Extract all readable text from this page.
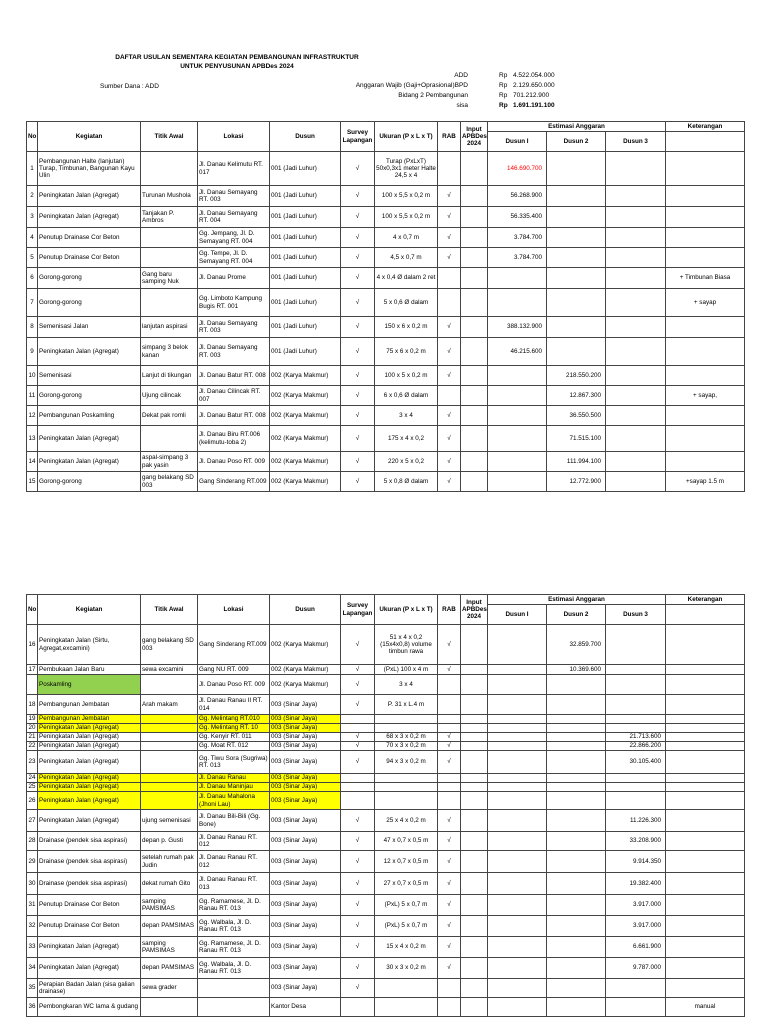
DAFTAR USULAN SEMENTARA KEGIATAN PEMBANGUNAN INFRASTRUKTUR
UNTUK PENYUSUNAN APBDes 2024
Sumber Dana : ADD
ADD	Rp 4.522.054.000
Anggaran Wajib (Gaji+Oprasional)BPD	Rp 2.129.650.000
Bidang 2 Pembangunan	Rp 701.212.900
sisa	Rp 1.691.191.100
No	Kegiatan	Titik Awal	Lokasi	Dusun	Survey Lapangan	Ukuran (P x L x T)	RAB	Input APBDes 2024	Estimasi Anggaran			Keterangan
									Dusun I	Dusun 2	Dusun 3	
1	Pembangunan Halte (lanjutan) Turap, Timbunan, Bangunan Kayu Ulin		Jl. Danau Kelimutu RT. 017	001 (Jadi Luhur)	√	Turap (PxLxT) 50x0,3x1 meter Halte 24,5 x 4			146.690.700			
2	Peningkatan Jalan (Agregat)	Turunan Mushola	Jl. Danau Semayang RT. 003	001 (Jadi Luhur)	√	100 x 5,5 x 0,2 m	√		56.268.900			
3	Peningkatan Jalan (Agregat)	Tanjakan P. Ambros	Jl. Danau Semayang RT. 004	001 (Jadi Luhur)	√	100 x 5,5 x 0,2 m	√		56.335.400			
4	Penutup Drainase Cor Beton		Gg. Jempang, Jl. D. Semayang RT. 004	001 (Jadi Luhur)	√	4 x 0,7 m	√		3.784.700			
5	Penutup Drainase Cor Beton		Gg. Tempe, Jl. D. Semayang RT. 004	001 (Jadi Luhur)	√	4,5 x 0,7 m	√		3.784.700			
6	Gorong-gorong	Gang baru samping Nuk	Jl. Danau Prome	001 (Jadi Luhur)	√	4 x 0,4 Ø dalam 2 ret						+ Timbunan Biasa
7	Gorong-gorong		Gg. Limboto Kampung Bugis RT. 001	001 (Jadi Luhur)	√	5 x 0,6 Ø dalam						+ sayap
8	Semenisasi Jalan	lanjutan aspirasi	Jl. Danau Semayang RT. 003	001 (Jadi Luhur)	√	150 x 6 x 0,2 m	√		388.132.900			
9	Peningkatan Jalan (Agregat)	simpang 3 belok kanan	Jl. Danau Semayang RT. 003	001 (Jadi Luhur)	√	75 x 6 x 0,2 m	√		46.215.600			
10	Semenisasi	Lanjut di tikungan	Jl. Danau Batur RT. 008	002 (Karya Makmur)	√	100 x 5 x 0,2 m	√			218.550.200		
11	Gorong-gorong	Ujung cilincak	Jl. Danau Cilincak RT. 007	002 (Karya Makmur)	√	6 x 0,6 Ø dalam				12.867.300		+ sayap,
12	Pembangunan Poskamling	Dekat pak romli	Jl. Danau Batur RT. 008	002 (Karya Makmur)	√	3 x 4	√			36.550.500		
13	Peningkatan Jalan (Agregat)		Jl. Danau Biru RT.006 (kelimutu-toba 2)	002 (Karya Makmur)	√	175 x 4 x 0,2	√			71.515.100		
14	Peningkatan Jalan (Agregat)	aspal-simpang 3 pak yasin	Jl. Danau Poso RT. 009	002 (Karya Makmur)	√	220 x 5 x 0,2	√			111.994.100		
15	Gorong-gorong	gang belakang SD 003	Gang Sinderang RT.009	002 (Karya Makmur)	√	5 x 0,8 Ø dalam	√			12.772.900		+sayap 1.5 m
No	Kegiatan	Titik Awal	Lokasi	Dusun	Survey Lapangan	Ukuran (P x L x T)	RAB	Input APBDes 2024	Estimasi Anggaran			Keterangan
									Dusun I	Dusun 2	Dusun 3	
16	Peningkatan Jalan (Sirtu, Agregat,excamini)	gang belakang SD 003	Gang Sinderang RT.009	002 (Karya Makmur)	√	51 x 4 x 0,2 (15x4x0,8) volume timbun rawa	√			32.859.700		
17	Pembukaan Jalan Baru	sewa excamini	Gang NU RT. 009	002 (Karya Makmur)	√	(PxL) 100 x 4 m	√			10.369.600		
	Poskamling		Jl. Danau Poso RT. 009	002 (Karya Makmur)	√	3 x 4						
18	Pembangunan Jembatan	Arah makam	Jl. Danau Ranau II RT. 014	003 (Sinar Jaya)	√	P. 31 x L.4 m						
19	Pembangunan Jembatan		Gg. Melintang RT.010	003 (Sinar Jaya)								
20	Peningkatan Jalan (Agregat)		Gg. Melintang RT. 10	003 (Sinar Jaya)								
21	Peningkatan Jalan (Agregat)		Gg. Kenyir RT. 011	003 (Sinar Jaya)	√	68 x 3 x 0,2 m	√				21.713.600	
22	Peningkatan Jalan (Agregat)		Gg. Moat RT. 012	003 (Sinar Jaya)	√	70 x 3 x 0,2 m	√				22.866.200	
23	Peningkatan Jalan (Agregat)		Gg. Tiwu Sora (Sugriwa) RT. 013	003 (Sinar Jaya)	√	94 x 3 x 0,2 m	√				30.105.400	
24	Peningkatan Jalan (Agregat)		Jl. Danau Ranau	003 (Sinar Jaya)								
25	Peningkatan Jalan (Agregat)		Jl. Danau Maninjau	003 (Sinar Jaya)								
26	Peningkatan Jalan (Agregat)		Jl. Danau Mahalona (Jhoni Lau)	003 (Sinar Jaya)								
27	Peningkatan Jalan (Agregat)	ujung semenisasi	Jl. Danau Bili-Bili (Gg. Bone)	003 (Sinar Jaya)	√	25 x 4 x 0,2 m	√				11.226.300	
28	Drainase (pendek sisa aspirasi)	depan p. Gusti	Jl. Danau Ranau RT. 012	003 (Sinar Jaya)	√	47 x 0,7 x 0,5 m	√				33.208.900	
29	Drainase (pendek sisa aspirasi)	setelah rumah pak Judin	Jl. Danau Ranau RT. 012	003 (Sinar Jaya)	√	12 x 0,7 x 0,5 m	√				9.914.350	
30	Drainase (pendek sisa aspirasi)	dekat rumah Gito	Jl. Danau Ranau RT. 013	003 (Sinar Jaya)	√	27 x 0,7 x 0,5 m	√				19.382.400	
31	Penutup Drainase Cor Beton	samping PAMSIMAS	Gg. Ramamese, Jl. D. Ranau RT. 013	003 (Sinar Jaya)	√	(PxL) 5 x 0,7 m	√				3.917.000	
32	Penutup Drainase Cor Beton	depan PAMSIMAS	Gg. Walbala, Jl. D. Ranau RT. 013	003 (Sinar Jaya)	√	(PxL) 5 x 0,7 m	√				3.917.000	
33	Peningkatan Jalan (Agregat)	samping PAMSIMAS	Gg. Ramamese, Jl. D. Ranau RT. 013	003 (Sinar Jaya)	√	15 x 4 x 0,2 m	√				6.661.900	
34	Peningkatan Jalan (Agregat)	depan PAMSIMAS	Gg. Walbala, Jl. D. Ranau RT. 013	003 (Sinar Jaya)	√	30 x 3 x 0,2 m	√				9.787.000	
35	Perapian Badan Jalan (sisa galian drainase)	sewa grader		003 (Sinar Jaya)	√							
36	Pembongkaran WC lama & gudang			Kantor Desa								manual
